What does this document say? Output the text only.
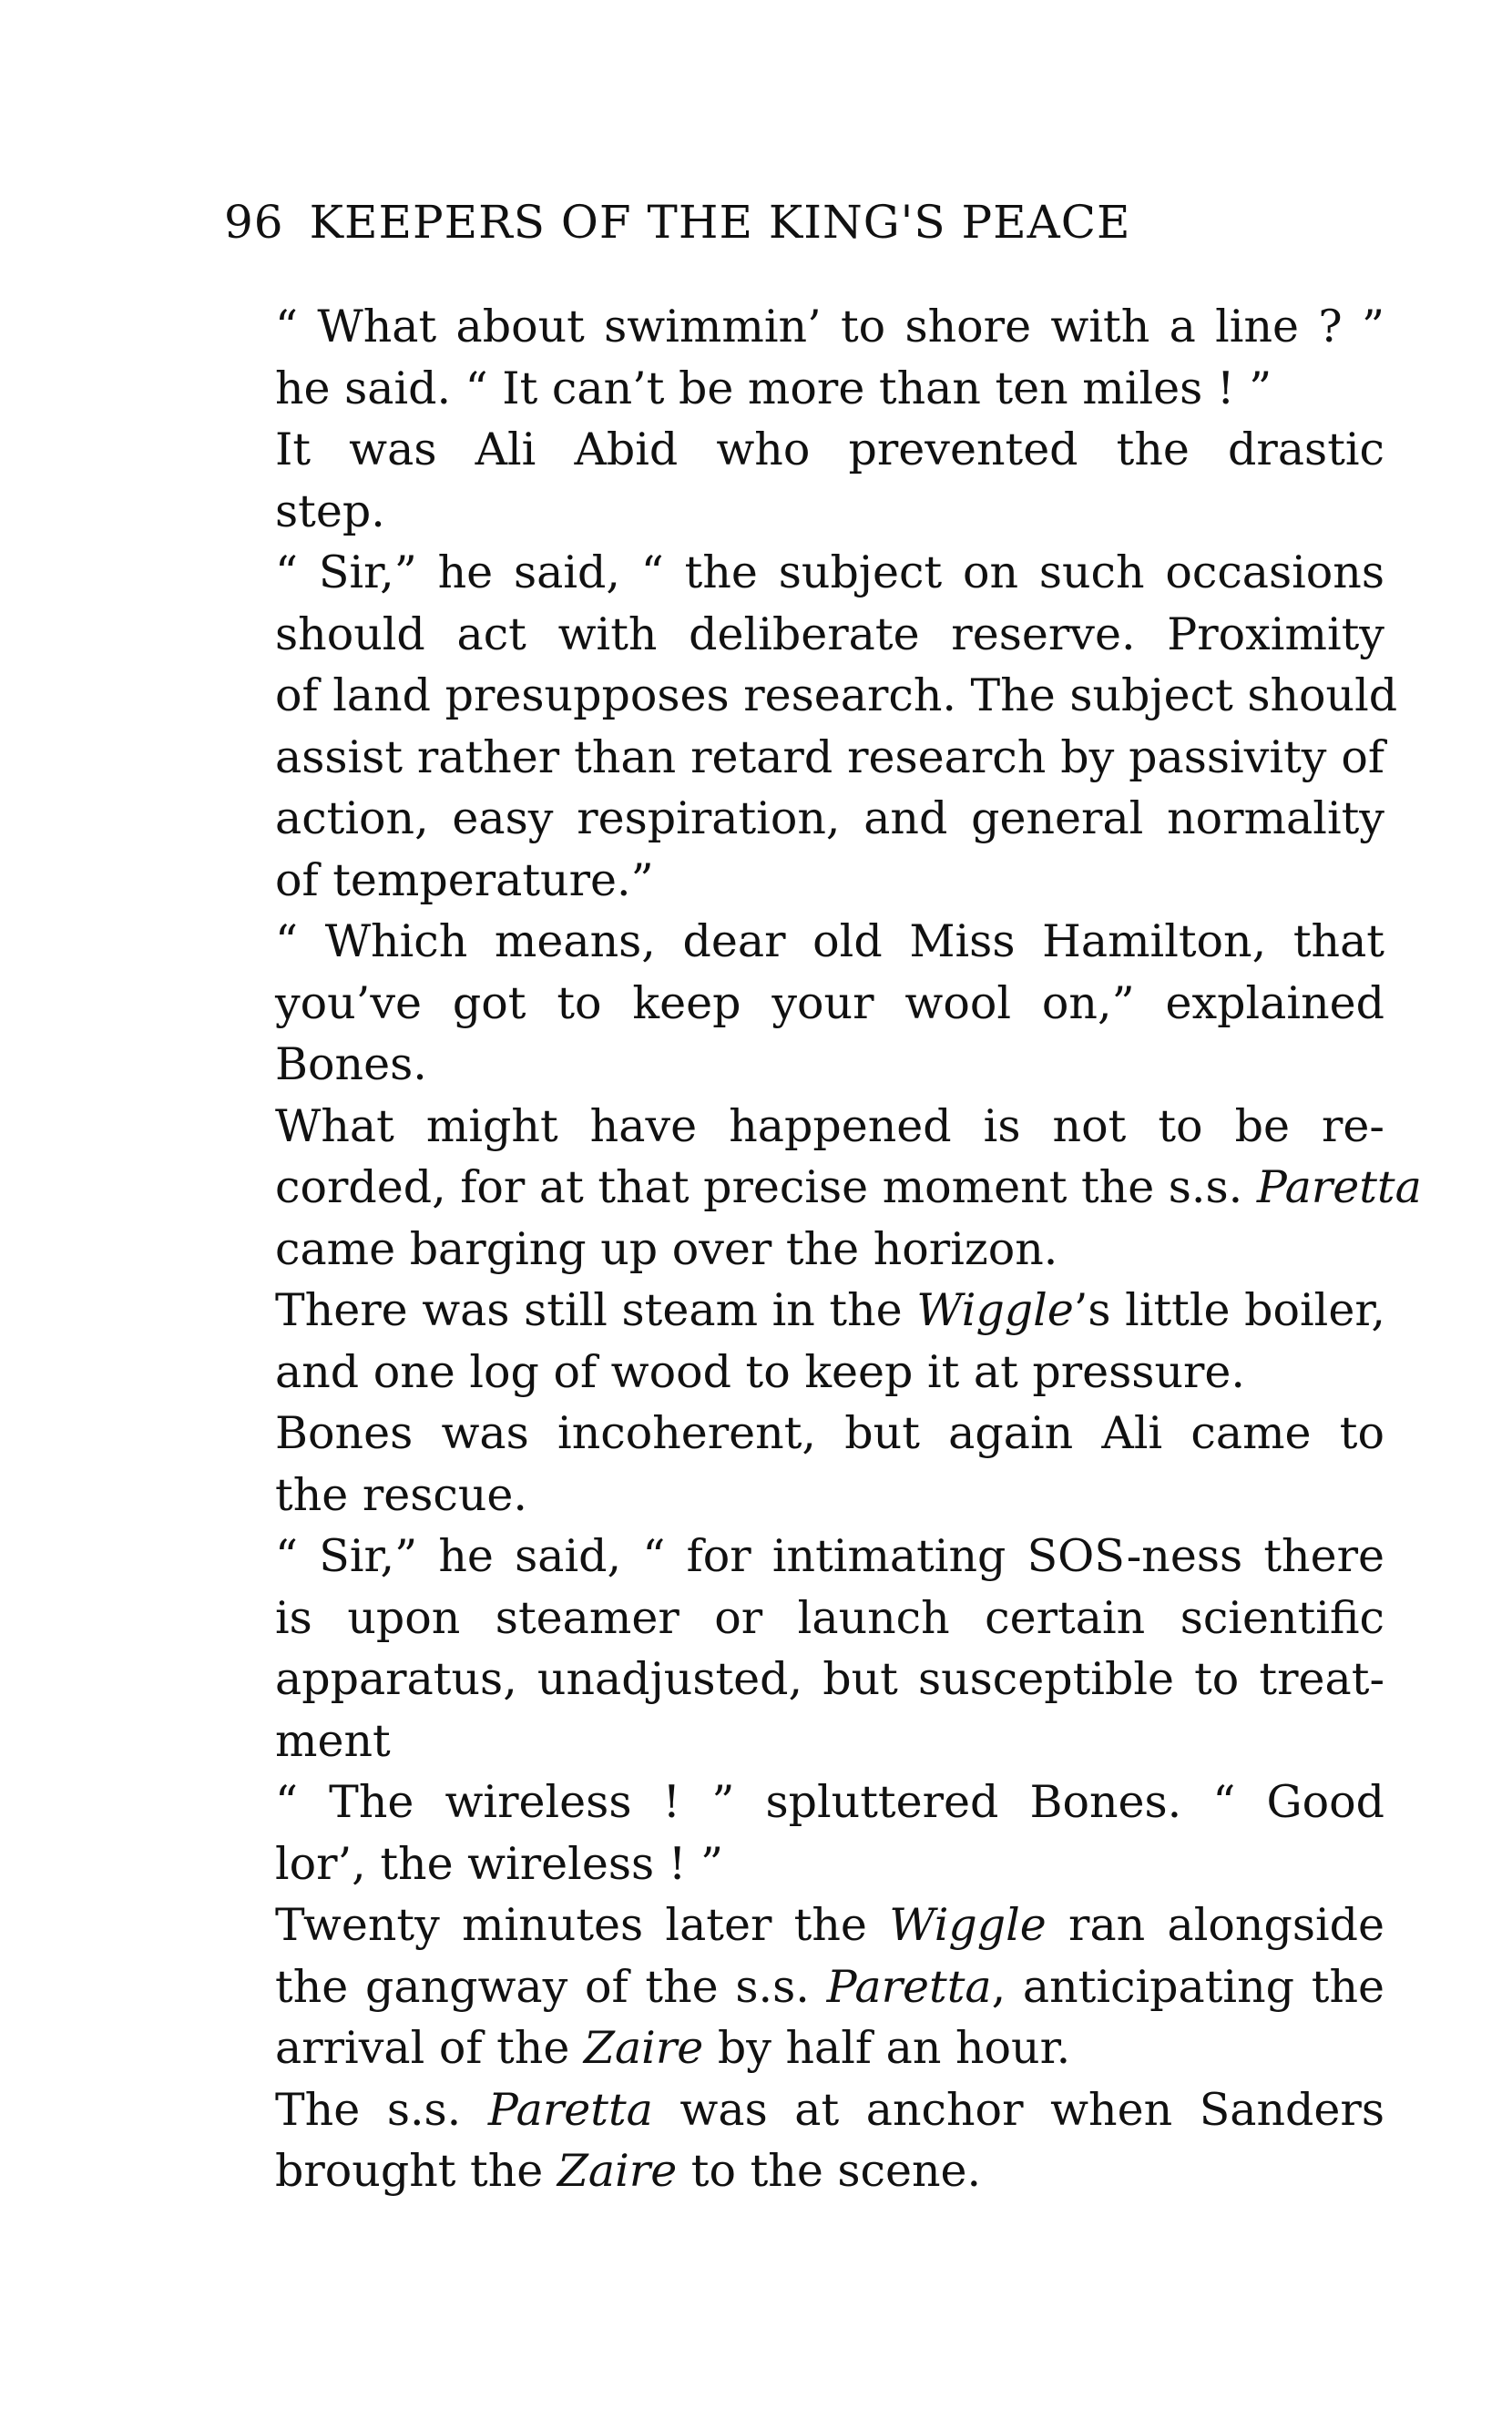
96 KEEPERS OF THE KING'S PEACE

“ What about swimmin’ to shore with a line ? ”
he said. “ It can’t be more than ten miles ! ”

It was Ali Abid who prevented the drastic
step.

“ Sir,” he said, “ the subject on such occasions
should act with deliberate reserve. Proximity
of land presupposes research. The subject should
assist rather than retard research by passivity of
action, easy respiration, and general normality
of temperature.”

“ Which means, dear old Miss Hamilton, that
you’ve got to keep your wool on,” explained
Bones.

What might have happened is not to be re-
corded, for at that precise moment the s.s. Paretta
came barging up over the horizon.

There was still steam in the Wiggle’s little boiler,
and one log of wood to keep it at pressure.

Bones was incoherent, but again Ali came to
the rescue.

“ Sir,” he said, “ for intimating SOS-ness there
is upon steamer or launch certain scientific
apparatus, unadjusted, but susceptible to treat-
ment

“ The wireless ! ” spluttered Bones. “ Good
lor’, the wireless ! ”

Twenty minutes later the Wiggle ran alongside
the gangway of the s.s. Paretta, anticipating the
arrival of the Zaire by half an hour.

The s.s. Paretta was at anchor when Sanders
brought the Zaire to the scene.
